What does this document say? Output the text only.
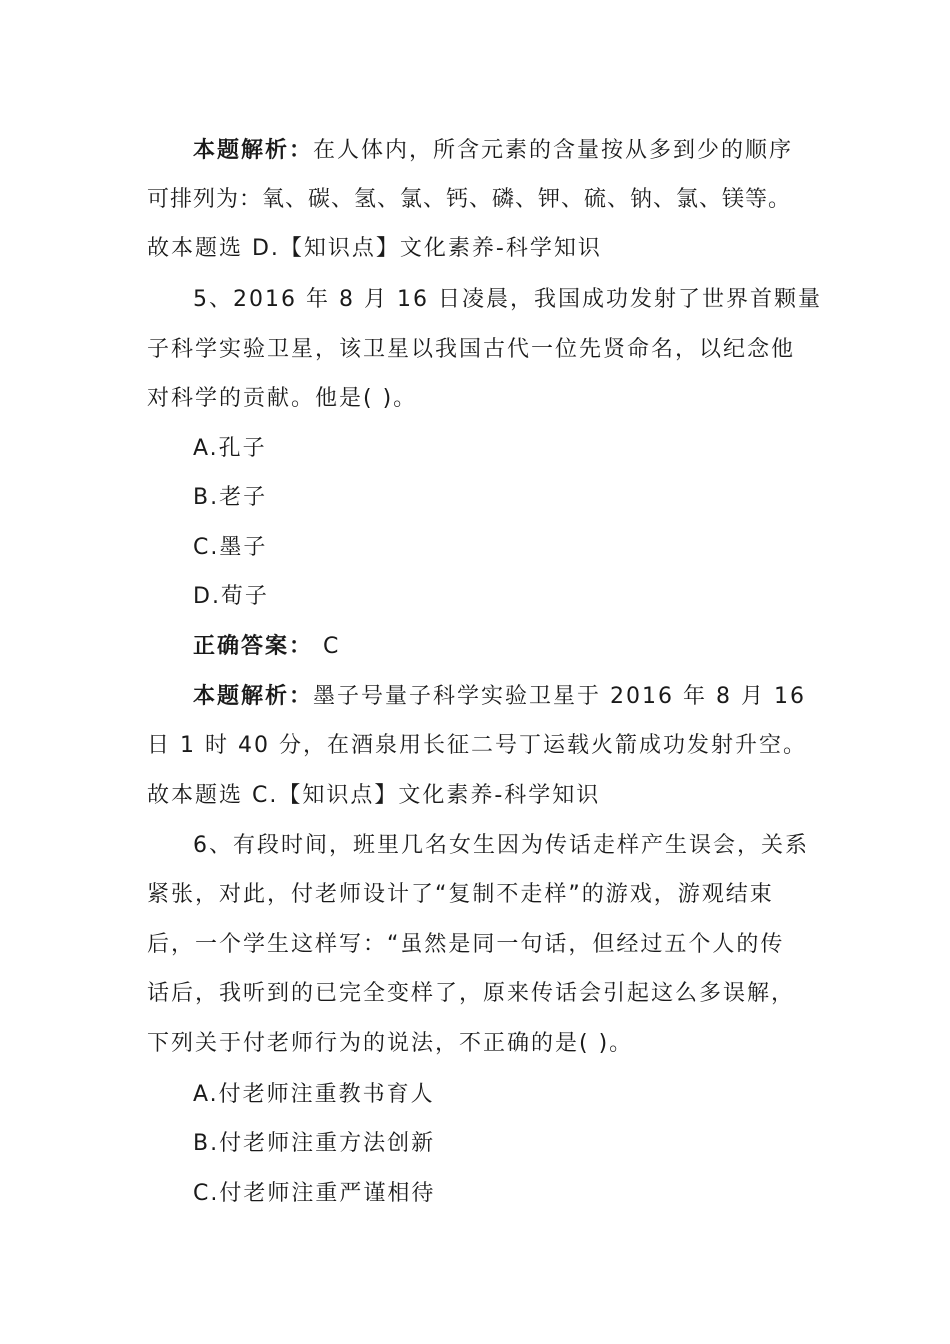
本题解析：在人体内，所含元素的含量按从多到少的顺序
可排列为：氧、碳、氢、氯、钙、磷、钾、硫、钠、氯、镁等。
故本题选 D.【知识点】文化素养-科学知识
5、2016 年 8 月 16 日凌晨，我国成功发射了世界首颗量
子科学实验卫星，该卫星以我国古代一位先贤命名，以纪念他
对科学的贡献。他是( )。
A.孔子
B.老子
C.墨子
D.荀子
正确答案： C
本题解析：墨子号量子科学实验卫星于 2016 年 8 月 16
日 1 时 40 分，在酒泉用长征二号丁运载火箭成功发射升空。
故本题选 C.【知识点】文化素养-科学知识
6、有段时间，班里几名女生因为传话走样产生误会，关系
紧张，对此，付老师设计了“复制不走样”的游戏，游观结束
后，一个学生这样写：“虽然是同一句话，但经过五个人的传
话后，我听到的已完全变样了，原来传话会引起这么多误解，
下列关于付老师行为的说法，不正确的是( )。
A.付老师注重教书育人
B.付老师注重方法创新
C.付老师注重严谨相待
